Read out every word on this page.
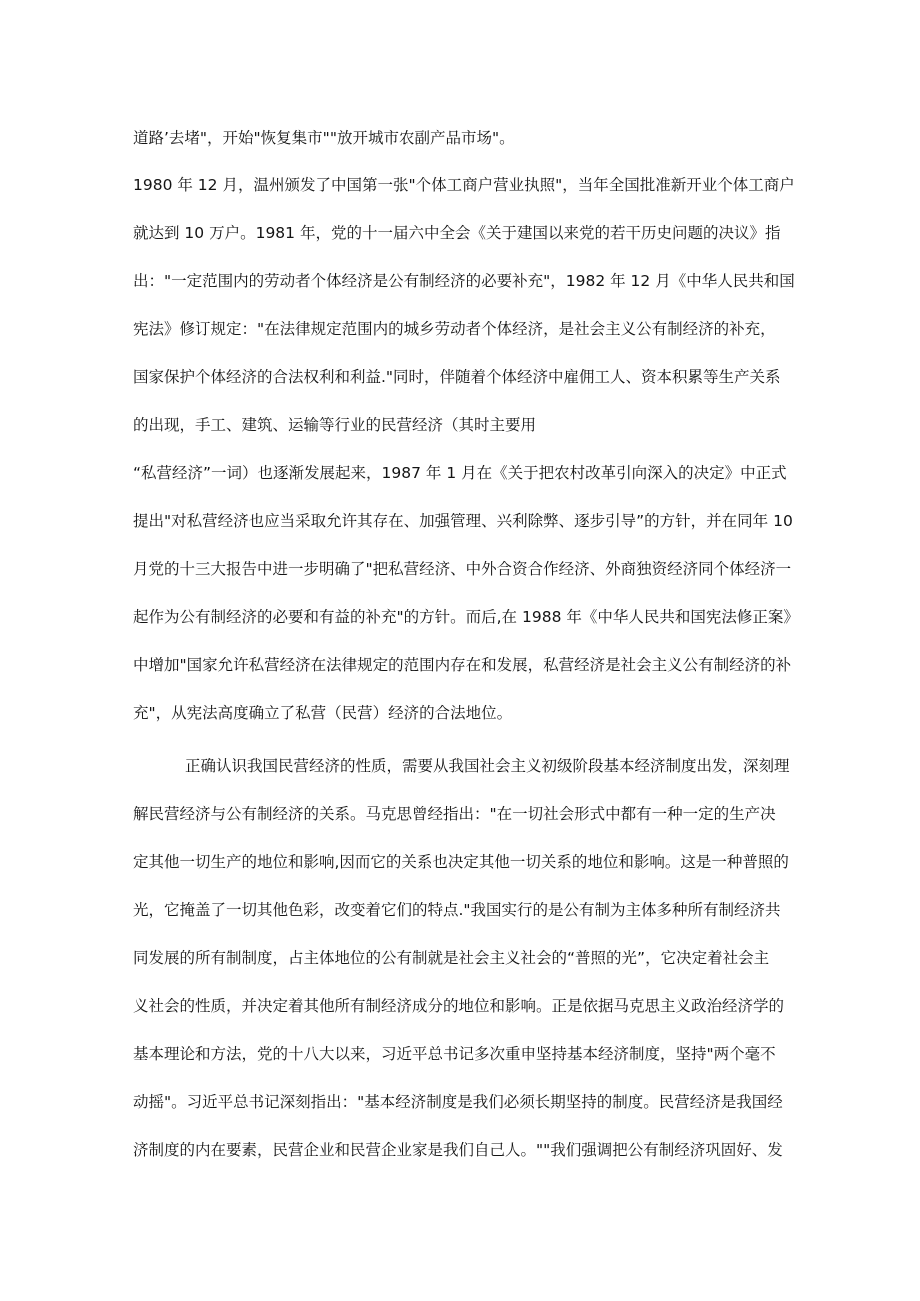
道路’去堵"，开始"恢复集市""放开城市农副产品市场"。
1980 年 12 月，温州颁发了中国第一张"个体工商户营业执照"，当年全国批准新开业个体工商户
就达到 10 万户。1981 年，党的十一届六中全会《关于建国以来党的若干历史问题的决议》指
出："一定范围内的劳动者个体经济是公有制经济的必要补充"，1982 年 12 月《中华人民共和国
宪法》修订规定："在法律规定范围内的城乡劳动者个体经济，是社会主义公有制经济的补充，
国家保护个体经济的合法权利和利益."同时，伴随着个体经济中雇佣工人、资本积累等生产关系
的出现，手工、建筑、运输等行业的民营经济（其时主要用
“私营经济”一词）也逐渐发展起来，1987 年 1 月在《关于把农村改革引向深入的决定》中正式
提出"对私营经济也应当采取允许其存在、加强管理、兴利除弊、逐步引导”的方针，并在同年 10
月党的十三大报告中进一步明确了"把私营经济、中外合资合作经济、外商独资经济同个体经济一
起作为公有制经济的必要和有益的补充"的方针。而后,在 1988 年《中华人民共和国宪法修正案》
中增加"国家允许私营经济在法律规定的范围内存在和发展，私营经济是社会主义公有制经济的补
充"，从宪法高度确立了私营（民营）经济的合法地位。
正确认识我国民营经济的性质，需要从我国社会主义初级阶段基本经济制度出发，深刻理
解民营经济与公有制经济的关系。马克思曾经指出："在一切社会形式中都有一种一定的生产决
定其他一切生产的地位和影响,因而它的关系也决定其他一切关系的地位和影响。这是一种普照的
光，它掩盖了一切其他色彩，改变着它们的特点."我国实行的是公有制为主体多种所有制经济共
同发展的所有制制度，占主体地位的公有制就是社会主义社会的“普照的光”，它决定着社会主
义社会的性质，并决定着其他所有制经济成分的地位和影响。正是依据马克思主义政治经济学的
基本理论和方法，党的十八大以来，习近平总书记多次重申坚持基本经济制度，坚持"两个毫不
动摇"。习近平总书记深刻指出："基本经济制度是我们必须长期坚持的制度。民营经济是我国经
济制度的内在要素，民营企业和民营企业家是我们自己人。""我们强调把公有制经济巩固好、发
